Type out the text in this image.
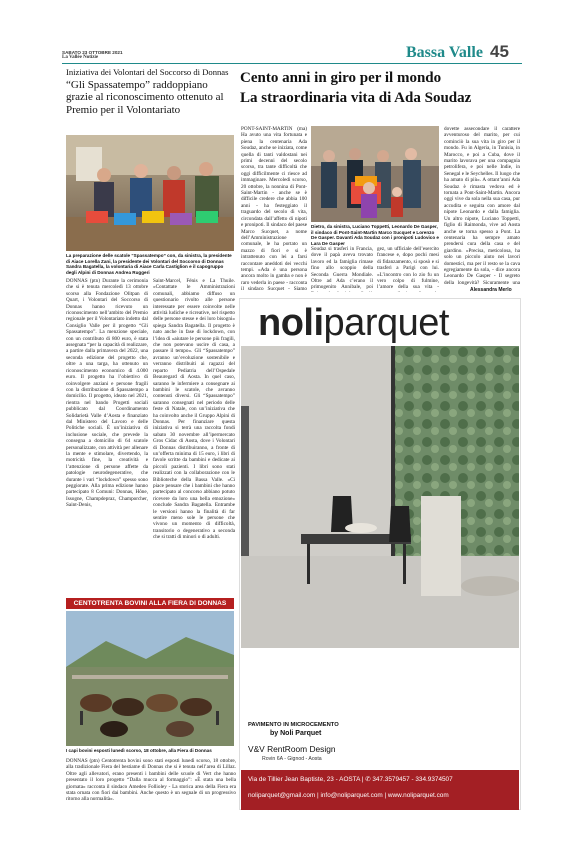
SABATO 23 OTTOBRE 2021
La Vallée Notizie	Bassa Valle 45
Iniziativa dei Volontari del Soccorso di Donnas
“Gli Spassatempo” raddoppiano grazie al riconoscimento ottenuto al Premio per il Volontariato
La preparazione delle scatole “Spassatempo” con, da sinistra, la presidente di Aiace Lorella Zani, la presidente dei Volontari del Soccorso di Donnas Sandra Bagatella, la volontaria di Aiace Carla Castiglion e il capogruppo degli Alpini di Donnas Andrea Ruggeri
DONNAS (ptn) Durante la cerimonia che si è tenuta mercoledì 13 ottobre scorso alla Fondazione Olitpan di Quart, i Volontari del Soccorso di Donnas hanno ricevuto un riconoscimento nell’ambito del Premio regionale per il Volontariato indetto dal Consiglio Valle per il progetto “Gli Spassatempo”. La menzione speciale, con un contributo di 800 euro, è stata assegnata “per la capacità di realizzare, a partire dalla primavera del 2022, una seconda edizione del progetto che, oltre a una targa, ha ottenuto un riconoscimento economico di 4.000 euro. Il progetto ha l’obiettivo di coinvolgere anziani e persone fragili con la distribuzione di Spassatempo a domicilio. Il progetto, ideato nel 2021, rientra nel bando Progetti sociali pubblicato dal Coordinamento Solidarietà Valle d’Aosta e finanziato dal Ministero del Lavoro e delle Politiche sociali. È un’iniziativa di inclusione sociale, che prevede la consegna a domicilio di 64 scatole personalizzate, con attività per allenare la mente e stimolare, divertendo, la motricità fine, la creatività e l’attenzione di persone affette da patologie neurodegenerative, che durante i vari “lockdown” spesso sono peggiorate. Alla prima edizione hanno partecipato 8 Comuni: Donnas, Hône, Issogne, Champdepraz, Champorcher, Saint-Denis,
Saint-Marcel, Fénis e La Thuile. «Contattate le Amministrazioni comunali, abbiamo diffuso un questionario rivolto alle persone interessate per essere coinvolte nelle attività ludiche e ricreative, nel rispetto delle persone stesse e dei loro bisogni» spiega Sandra Bagatella. Il progetto è nato anche in fase di lockdown, con l’idea di «aiutare le persone più fragili, che non potevano uscire di casa, a passare il tempo». Gli “Spassatempo” avranno un’evoluzione sostenibile e verranno distribuiti ai ragazzi del reparto Pediatria dell’Ospedale Beauregard di Aosta. In quel caso, saranno le infermiere a consegnare ai bambini le scatole, che avranno contenuti diversi. Gli “Spassatempo” saranno consegnati nel periodo delle feste di Natale, con un’iniziativa che ha coinvolto anche il Gruppo Alpini di Donnas. Per finanziare questa iniziativa si terrà una raccolta fondi sabato 30 novembre all’ipermercato Gros Cidac di Aosta, dove i Volontari di Donnas distribuiranno, a fronte di un’offerta minima di 15 euro, i libri di favole scritte da bambini e dedicate ai piccoli pazienti. I libri sono stati realizzati con la collaborazione con le Biblioteche della Bassa Valle. «Ci piace pensare che i bambini che hanno partecipato al concorso abbiano potuto ricevere da loro una bella emozione» conclude Sandra Bagatella. Entrambe le versioni hanno la finalità di far sentire meno sole le persone che vivono un momento di difficoltà, transitorio o degenerativo a seconda che si tratti di minori o di adulti.
CENTOTRENTA BOVINI ALLA FIERA DI DONNAS
I capi bovini esposti lunedì scorso, 18 ottobre, alla Fiera di Donnas
DONNAS (ptn) Centotrenta bovini sono stati esposti lunedì scorso, 18 ottobre, alla tradizionale Fiera del bestiame di Donnas che si è tenuta nell’area di Lillaz. Oltre agli allevatori, erano presenti i bambini delle scuole di Vert che hanno presentato il loro progetto “Dalla mucca al formaggio”: «È stata una bella giornata» racconta il sindaco Amedeo Follioley - La storica area della Fiera era stata ornata con fiori dai bambini. Anche questo è un segnale di un progressivo ritorno alla normalità».
Cento anni in giro per il mondo
La straordinaria vita di Ada Soudaz
PONT-SAINT-MARTIN (ma) Ha avuto una vita fortunata e piena la centenaria Ada Soudaz, anche se iniziata, come quella di tanti valdostani nei primi decenni del secolo scorso, tra tante difficoltà che oggi difficilmente ci riesce ad immaginare. Mercoledì scorso, 20 ottobre, la nonnina di Pont-Saint-Martin - anche se è difficile credere che abbia 100 anni - ha festeggiato il traguardo del secolo di vita, circondata dall’affetto di nipoti e pronipoti. Il sindaco del paese Marco Sucquet, a nome dell’Amministrazione comunale, le ha portato un mazzo di fiori e si è intrattenuto con lei a farsi raccontare aneddoti dei vecchi tempi. «Ada è una persona ancora molto in gamba e non è raro vederla in paese - racconta il sindaco Sucquet - Siamo
Dietro, da sinistra, Luciano Toppetti, Leonardo De Gasper, il sindaco di Pont-Saint-Martin Marco Sucquet e Lorenzo De Gasper. Davanti Ada Soudaz con i pronipoti Ludovico e Lara De Gasper
Soudaz si trasferì in Francia, dove il papà aveva trovato lavoro ed la famiglia rimase fino allo scoppio della Seconda Guerra Mondiale. Oltre ad Ada c’erano il primogenito Annibale, poi
gez, un ufficiale dell’esercito francese e, dopo pochi mesi di fidanzamento, si sposò e si trasferì a Parigi con lui. «L’incontro con lo zio fu un vero colpo di fulmine, l’amore della sua vita -
dovette assecondare il carattere avventuroso del marito, per cui cominciò la sua vita in giro per il mondo. Fu in Algeria, in Tunisia, in Marocco, e poi a Cuba, dove il marito lavorava per una compagnia petrolifera, e poi nelle Indie, in Senegal e le Seychelles. Il luogo che ha amato di più». A ottant’anni Ada Soudaz è rimasta vedova ed è tornata a Pont-Saint-Martin. Ancora oggi vive da sola nella sua casa, pur accudita e seguita con amore dal nipote Leonardo e dalla famiglia. Un altro nipote, Luciano Toppetti, figlio di Raimonda, vive ad Aosta anche se torna spesso a Pont. La centenaria ha sempre amato prendersi cura della casa e del giardino. «Precisa, meticolosa, ha solo un piccolo aiuto nei lavori domestici, ma per il resto se la cava egregiamente da sola, - dice ancora Leonardo De Gasper - Il segreto della longevità? Sicuramente una
Alessandra Merlo
noliparquet
PAVIMENTO IN MICROCEMENTO
by Noli Parquet
V&V RentRoom Design
Rovin 6A - Gignod - Aosta
Via de Tillier Jean Baptiste, 23 - AOSTA | ✆ 347.3579457 - 334.9374507
noliparquet@gmail.com | info@noliparquet.com | www.noliparquet.com
